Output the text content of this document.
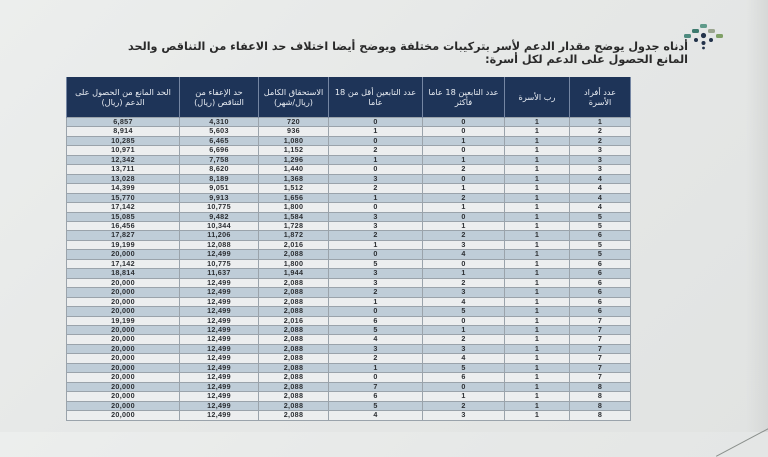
أدناه جدول يوضح مقدار الدعم لأسر بتركيبات مختلفة ويوضح أيضا اختلاف حد الاعفاء من التناقص والحد
المانع الحصول على الدعم لكل أسرة:
عدد أفراد الأسرة	رب الأسرة	عدد التابعين 18 عاما فأكثر	عدد التابعين أقل من 18 عاما	الاستحقاق الكامل (ريال/شهر)	حد الإعفاء من التناقص (ريال)	الحد المانع من الحصول على الدعم (ريال)
1	1	0	0	720	4,310	6,857
2	1	0	1	936	5,603	8,914
2	1	1	0	1,080	6,465	10,285
3	1	0	2	1,152	6,696	10,971
3	1	1	1	1,296	7,758	12,342
3	1	2	0	1,440	8,620	13,711
4	1	0	3	1,368	8,189	13,028
4	1	1	2	1,512	9,051	14,399
4	1	2	1	1,656	9,913	15,770
4	1	1	0	1,800	10,775	17,142
5	1	0	3	1,584	9,482	15,085
5	1	1	3	1,728	10,344	16,456
6	1	2	2	1,872	11,206	17,827
5	1	3	1	2,016	12,088	19,199
5	1	4	0	2,088	12,499	20,000
6	1	0	5	1,800	10,775	17,142
6	1	1	3	1,944	11,637	18,814
6	1	2	3	2,088	12,499	20,000
6	1	3	2	2,088	12,499	20,000
6	1	4	1	2,088	12,499	20,000
6	1	5	0	2,088	12,499	20,000
7	1	0	6	2,016	12,499	19,199
7	1	1	5	2,088	12,499	20,000
7	1	2	4	2,088	12,499	20,000
7	1	3	3	2,088	12,499	20,000
7	1	4	2	2,088	12,499	20,000
7	1	5	1	2,088	12,499	20,000
7	1	6	0	2,088	12,499	20,000
8	1	0	7	2,088	12,499	20,000
8	1	1	6	2,088	12,499	20,000
8	1	2	5	2,088	12,499	20,000
8	1	3	4	2,088	12,499	20,000
